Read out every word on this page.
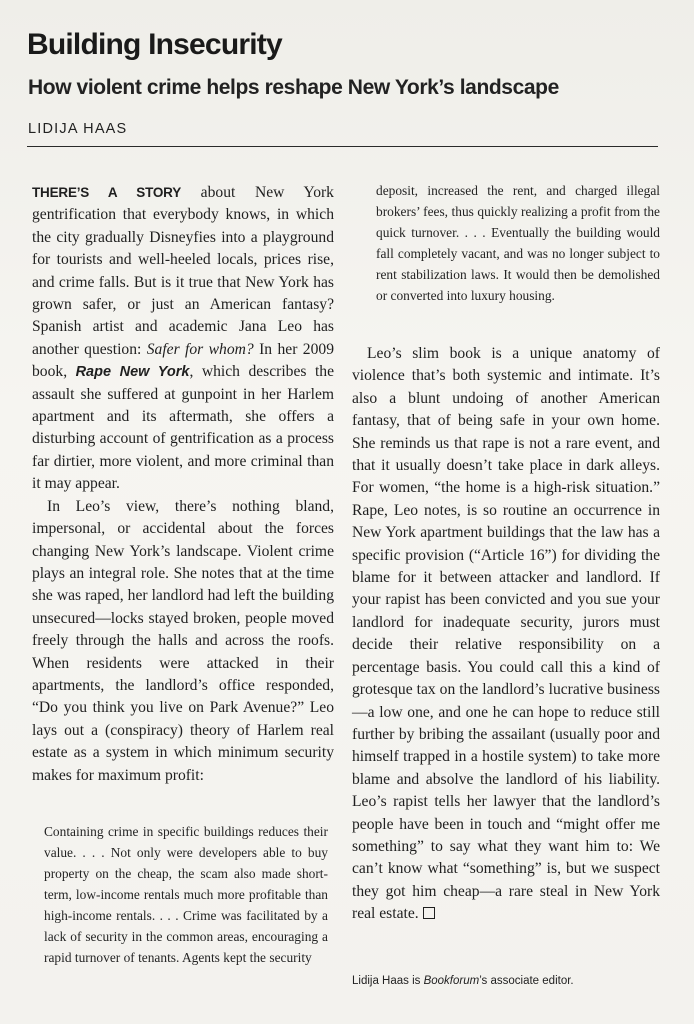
Building Insecurity
How violent crime helps reshape New York’s landscape
LIDIJA HAAS

THERE’S A STORY about New York gentrification that everybody knows, in which the city gradually Disneyfies into a playground for tourists and well-heeled locals, prices rise, and crime falls. But is it true that New York has grown safer, or just an American fantasy? Spanish artist and academic Jana Leo has another question: Safer for whom? In her 2009 book, Rape New York, which describes the assault she suffered at gunpoint in her Harlem apartment and its aftermath, she offers a disturbing account of gentrification as a process far dirtier, more violent, and more criminal than it may appear.

In Leo’s view, there’s nothing bland, impersonal, or accidental about the forces changing New York’s landscape. Violent crime plays an integral role. She notes that at the time she was raped, her landlord had left the building unsecured—locks stayed broken, people moved freely through the halls and across the roofs. When residents were attacked in their apartments, the landlord’s office responded, “Do you think you live on Park Avenue?” Leo lays out a (conspiracy) theory of Harlem real estate as a system in which minimum security makes for maximum profit:

Containing crime in specific buildings reduces their value. . . . Not only were developers able to buy property on the cheap, the scam also made short-term, low-income rentals much more profitable than high-income rentals. . . . Crime was facilitated by a lack of security in the common areas, encouraging a rapid turnover of tenants. Agents kept the security

deposit, increased the rent, and charged illegal brokers’ fees, thus quickly realizing a profit from the quick turnover. . . . Eventually the building would fall completely vacant, and was no longer subject to rent stabilization laws. It would then be demolished or converted into luxury housing.

Leo’s slim book is a unique anatomy of violence that’s both systemic and intimate. It’s also a blunt undoing of another American fantasy, that of being safe in your own home. She reminds us that rape is not a rare event, and that it usually doesn’t take place in dark alleys. For women, “the home is a high-risk situation.” Rape, Leo notes, is so routine an occurrence in New York apartment buildings that the law has a specific provision (“Article 16”) for dividing the blame for it between attacker and landlord. If your rapist has been convicted and you sue your landlord for inadequate security, jurors must decide their relative responsibility on a percentage basis. You could call this a kind of grotesque tax on the landlord’s lucrative business—a low one, and one he can hope to reduce still further by bribing the assailant (usually poor and himself trapped in a hostile system) to take more blame and absolve the landlord of his liability. Leo’s rapist tells her lawyer that the landlord’s people have been in touch and “might offer me something” to say what they want him to: We can’t know what “something” is, but we suspect they got him cheap—a rare steal in New York real estate.

Lidija Haas is Bookforum’s associate editor.
